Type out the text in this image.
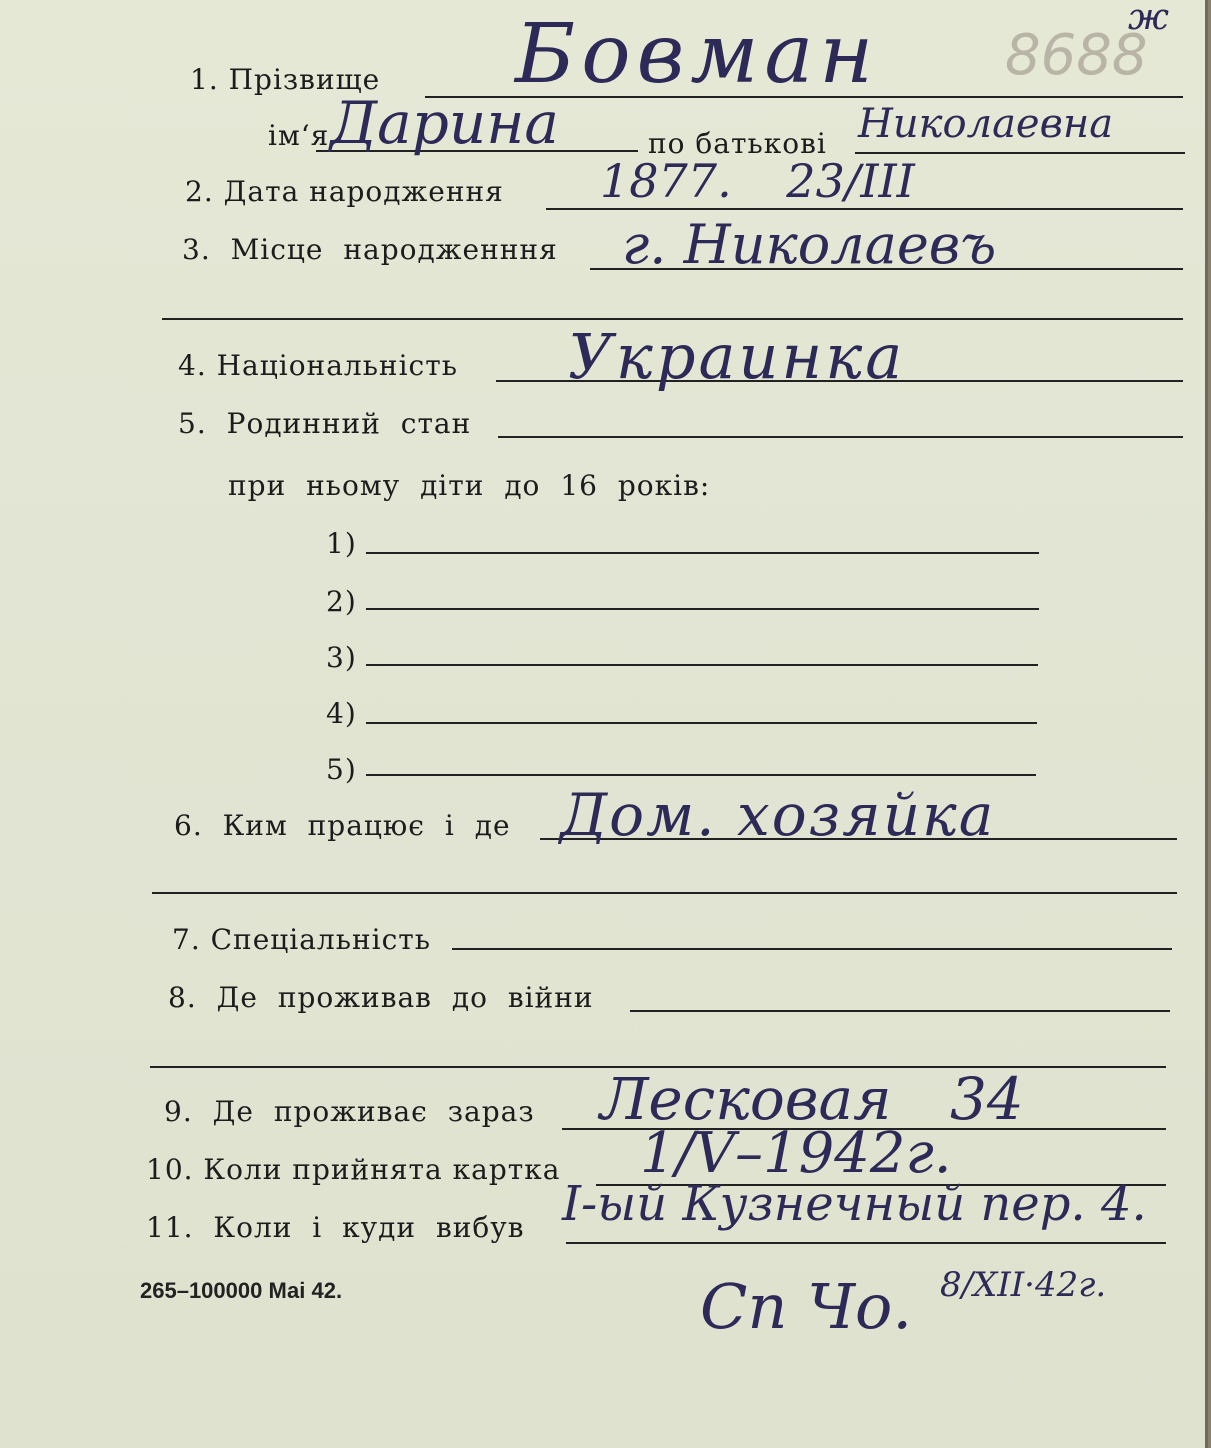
ж
8688
1. Прізвище Бовман
ім‘я Дарина	по батькові Николаевна
2. Дата народження 1877. 23/III
3. Місце народженння г. Николаевъ
4. Національність Украинка
5. Родинний стан
при ньому діти до 16 років:
1)
2)
3)
4)
5)
6. Ким працює і де Дом. хозяйка
7. Спеціальність
8. Де проживав до війни
9. Де проживає зараз Лесковая 34
10. Коли прийнята картка 1/V–1942г.
11. Коли і куди вибув I-ый Кузнечный пер. 4.
265–100000 Маі 42.	Сп Чо. 8/XII·42г.
